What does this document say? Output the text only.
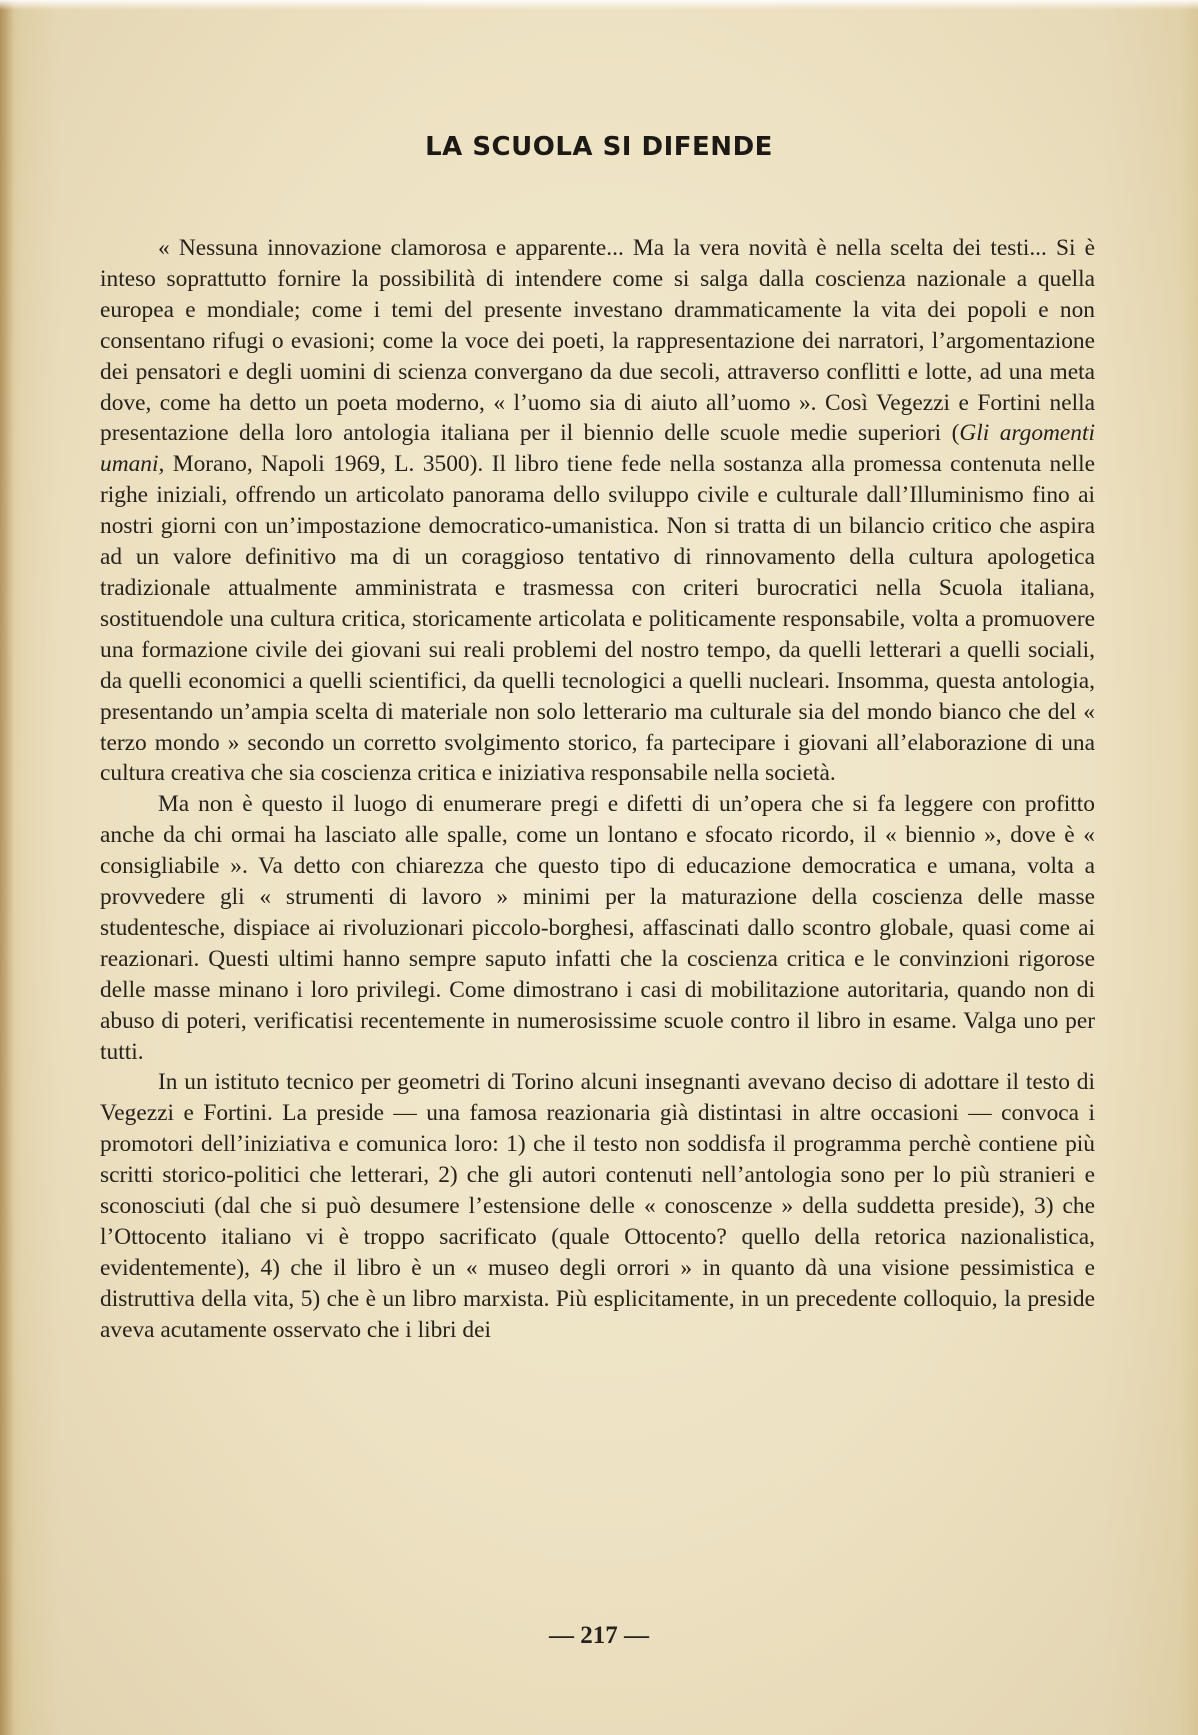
LA SCUOLA SI DIFENDE

« Nessuna innovazione clamorosa e apparente... Ma la vera novità è nella scelta dei testi... Si è inteso soprattutto fornire la possibilità di intendere come si salga dalla coscienza nazionale a quella europea e mondiale; come i temi del presente investano drammaticamente la vita dei popoli e non consentano rifugi o evasioni; come la voce dei poeti, la rappresentazione dei narratori, l’argomentazione dei pensatori e degli uomini di scienza convergano da due secoli, attraverso conflitti e lotte, ad una meta dove, come ha detto un poeta moderno, « l’uomo sia di aiuto all’uomo ». Così Vegezzi e Fortini nella presentazione della loro antologia italiana per il biennio delle scuole medie superiori (Gli argomenti umani, Morano, Napoli 1969, L. 3500). Il libro tiene fede nella sostanza alla promessa contenuta nelle righe iniziali, offrendo un articolato panorama dello sviluppo civile e culturale dall’Illuminismo fino ai nostri giorni con un’impostazione democratico-umanistica. Non si tratta di un bilancio critico che aspira ad un valore definitivo ma di un coraggioso tentativo di rinnovamento della cultura apologetica tradizionale attualmente amministrata e trasmessa con criteri burocratici nella Scuola italiana, sostituendole una cultura critica, storicamente articolata e politicamente responsabile, volta a promuovere una formazione civile dei giovani sui reali problemi del nostro tempo, da quelli letterari a quelli sociali, da quelli economici a quelli scientifici, da quelli tecnologici a quelli nucleari. Insomma, questa antologia, presentando un’ampia scelta di materiale non solo letterario ma culturale sia del mondo bianco che del « terzo mondo » secondo un corretto svolgimento storico, fa partecipare i giovani all’elaborazione di una cultura creativa che sia coscienza critica e iniziativa responsabile nella società.

Ma non è questo il luogo di enumerare pregi e difetti di un’opera che si fa leggere con profitto anche da chi ormai ha lasciato alle spalle, come un lontano e sfocato ricordo, il « biennio », dove è « consigliabile ». Va detto con chiarezza che questo tipo di educazione democratica e umana, volta a provvedere gli « strumenti di lavoro » minimi per la maturazione della coscienza delle masse studentesche, dispiace ai rivoluzionari piccolo-borghesi, affascinati dallo scontro globale, quasi come ai reazionari. Questi ultimi hanno sempre saputo infatti che la coscienza critica e le convinzioni rigorose delle masse minano i loro privilegi. Come dimostrano i casi di mobilitazione autoritaria, quando non di abuso di poteri, verificatisi recentemente in numerosissime scuole contro il libro in esame. Valga uno per tutti.

In un istituto tecnico per geometri di Torino alcuni insegnanti avevano deciso di adottare il testo di Vegezzi e Fortini. La preside — una famosa reazionaria già distintasi in altre occasioni — convoca i promotori dell’iniziativa e comunica loro: 1) che il testo non soddisfa il programma perchè contiene più scritti storico-politici che letterari, 2) che gli autori contenuti nell’antologia sono per lo più stranieri e sconosciuti (dal che si può desumere l’estensione delle « conoscenze » della suddetta preside), 3) che l’Ottocento italiano vi è troppo sacrificato (quale Ottocento? quello della retorica nazionalistica, evidentemente), 4) che il libro è un « museo degli orrori » in quanto dà una visione pessimistica e distruttiva della vita, 5) che è un libro marxista. Più esplicitamente, in un precedente colloquio, la preside aveva acutamente osservato che i libri dei

— 217 —
